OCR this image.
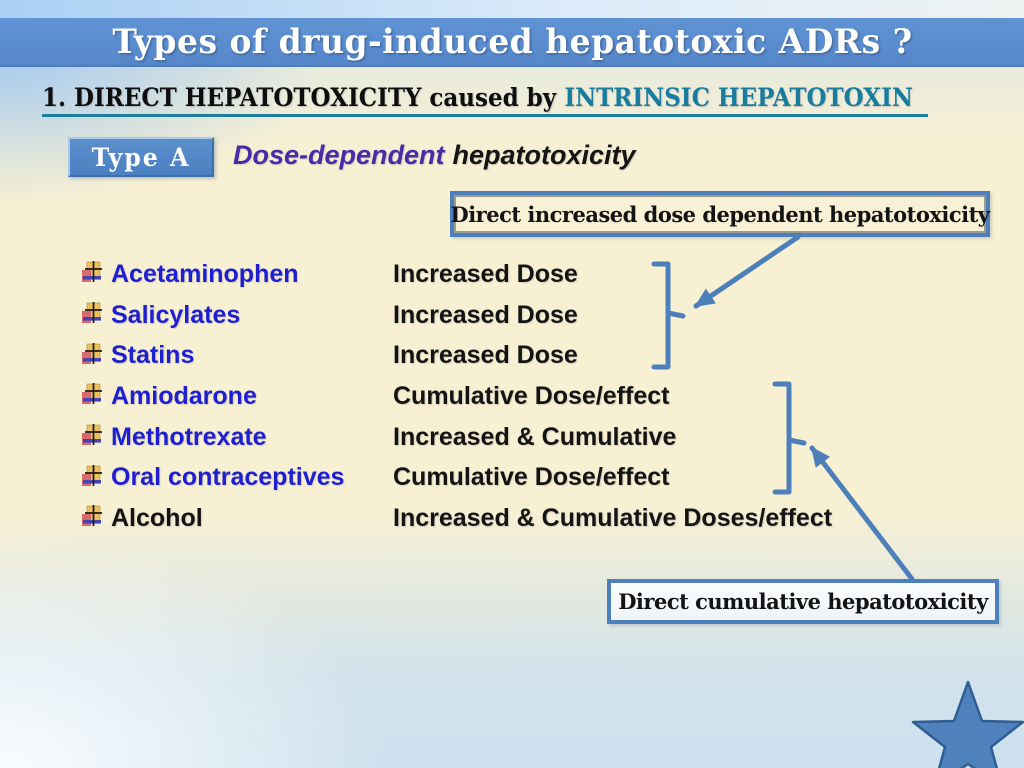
Types of drug-induced hepatotoxic ADRs ?
1. DIRECT HEPATOTOXICITY caused by INTRINSIC HEPATOTOXIN
Type A Dose-dependent hepatotoxicity
Direct increased dose dependent hepatotoxicity
Acetaminophen	Increased Dose
Salicylates	Increased Dose
Statins	Increased Dose
Amiodarone	Cumulative Dose/effect
Methotrexate	Increased & Cumulative
Oral contraceptives	Cumulative Dose/effect
Alcohol	Increased & Cumulative Doses/effect
Direct cumulative hepatotoxicity
